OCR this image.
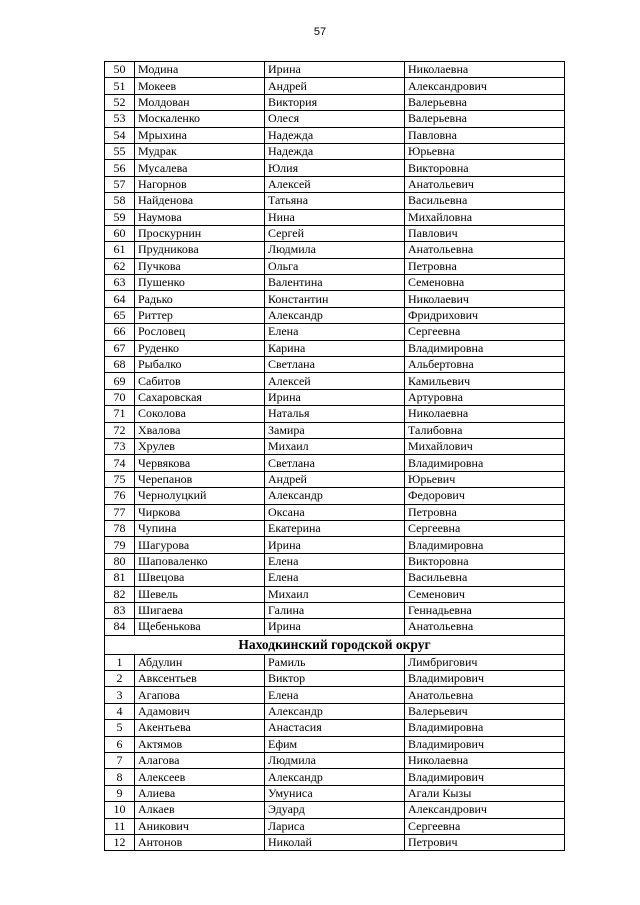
57
50	Модина	Ирина	Николаевна
51	Мокеев	Андрей	Александрович
52	Молдован	Виктория	Валерьевна
53	Москаленко	Олеся	Валерьевна
54	Мрыхина	Надежда	Павловна
55	Мудрак	Надежда	Юрьевна
56	Мусалева	Юлия	Викторовна
57	Нагорнов	Алексей	Анатольевич
58	Найденова	Татьяна	Васильевна
59	Наумова	Нина	Михайловна
60	Проскурнин	Сергей	Павлович
61	Прудникова	Людмила	Анатольевна
62	Пучкова	Ольга	Петровна
63	Пушенко	Валентина	Семеновна
64	Радько	Константин	Николаевич
65	Риттер	Александр	Фридрихович
66	Рословец	Елена	Сергеевна
67	Руденко	Карина	Владимировна
68	Рыбалко	Светлана	Альбертовна
69	Сабитов	Алексей	Камильевич
70	Сахаровская	Ирина	Артуровна
71	Соколова	Наталья	Николаевна
72	Хвалова	Замира	Талибовна
73	Хрулев	Михаил	Михайлович
74	Червякова	Светлана	Владимировна
75	Черепанов	Андрей	Юрьевич
76	Чернолуцкий	Александр	Федорович
77	Чиркова	Оксана	Петровна
78	Чупина	Екатерина	Сергеевна
79	Шагурова	Ирина	Владимировна
80	Шаповаленко	Елена	Викторовна
81	Швецова	Елена	Васильевна
82	Шевель	Михаил	Семенович
83	Шигаева	Галина	Геннадьевна
84	Щебенькова	Ирина	Анатольевна
Находкинский городской округ			
1	Абдулин	Рамиль	Лимбригович
2	Авксентьев	Виктор	Владимирович
3	Агапова	Елена	Анатольевна
4	Адамович	Александр	Валерьевич
5	Акентьева	Анастасия	Владимировна
6	Актямов	Ефим	Владимирович
7	Алагова	Людмила	Николаевна
8	Алексеев	Александр	Владимирович
9	Алиева	Умуниса	Агали Кызы
10	Алкаев	Эдуард	Александрович
11	Аникович	Лариса	Сергеевна
12	Антонов	Николай	Петрович
